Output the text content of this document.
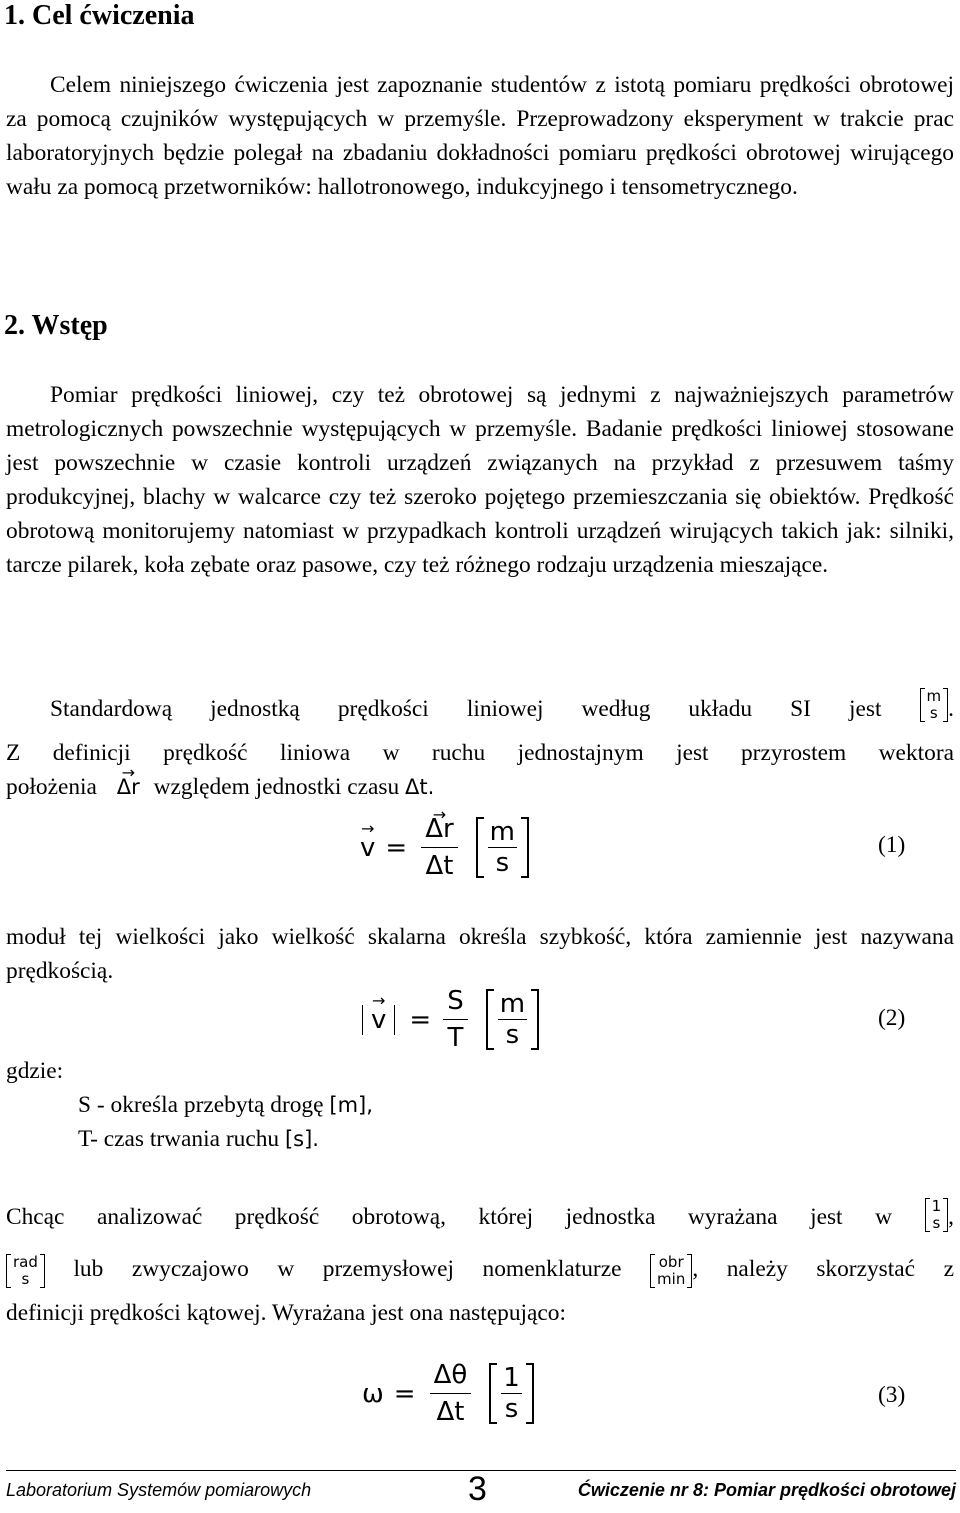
1. Cel ćwiczenia
Celem niniejszego ćwiczenia jest zapoznanie studentów z istotą pomiaru prędkości obrotowej za pomocą czujników występujących w przemyśle. Przeprowadzony eksperyment w trakcie prac laboratoryjnych będzie polegał na zbadaniu dokładności pomiaru prędkości obrotowej wirującego wału za pomocą przetworników: hallotronowego, indukcyjnego i tensometrycznego.
2. Wstęp
Pomiar prędkości liniowej, czy też obrotowej są jednymi z najważniejszych parametrów metrologicznych powszechnie występujących w przemyśle. Badanie prędkości liniowej stosowane jest powszechnie w czasie kontroli urządzeń związanych na przykład z przesuwem taśmy produkcyjnej, blachy w walcarce czy też szeroko pojętego przemieszczania się obiektów. Prędkość obrotową monitorujemy natomiast w przypadkach kontroli urządzeń wirujących takich jak: silniki, tarcze pilarek, koła zębate oraz pasowe, czy też różnego rodzaju urządzenia mieszające.
Standardową jednostką prędkości liniowej według układu SI jest
m
s .
Z definicji prędkość liniowa w ruchu jednostajnym jest przyrostem wektora
położenia Δr → względem jednostki czasu Δt.
v → = $\frac{\Delta r \to}{\Delta t} \frac{m}{s}$	(1)
moduł tej wielkości jako wielkość skalarna określa szybkość, która zamiennie jest nazywana prędkością.
v → = $\frac{S}{T} \frac{m}{s}$	(2)
gdzie:
S - określa przebytą drogę [m],
T- czas trwania ruchu [s].
Chcąc analizować prędkość obrotową, której jednostka wyrażana jest w	1
s ,
rad
s lub zwyczajowo w przemysłowej nomenklaturze obr
min , należy skorzystać z
definicji prędkości kątowej. Wyrażana jest ona następująco:
$\omega = \frac{\Delta\theta}{\Delta t} \frac{1}{s}$	(3)
Laboratorium Systemów pomiarowych	3	Ćwiczenie nr 8: Pomiar prędkości obrotowej
